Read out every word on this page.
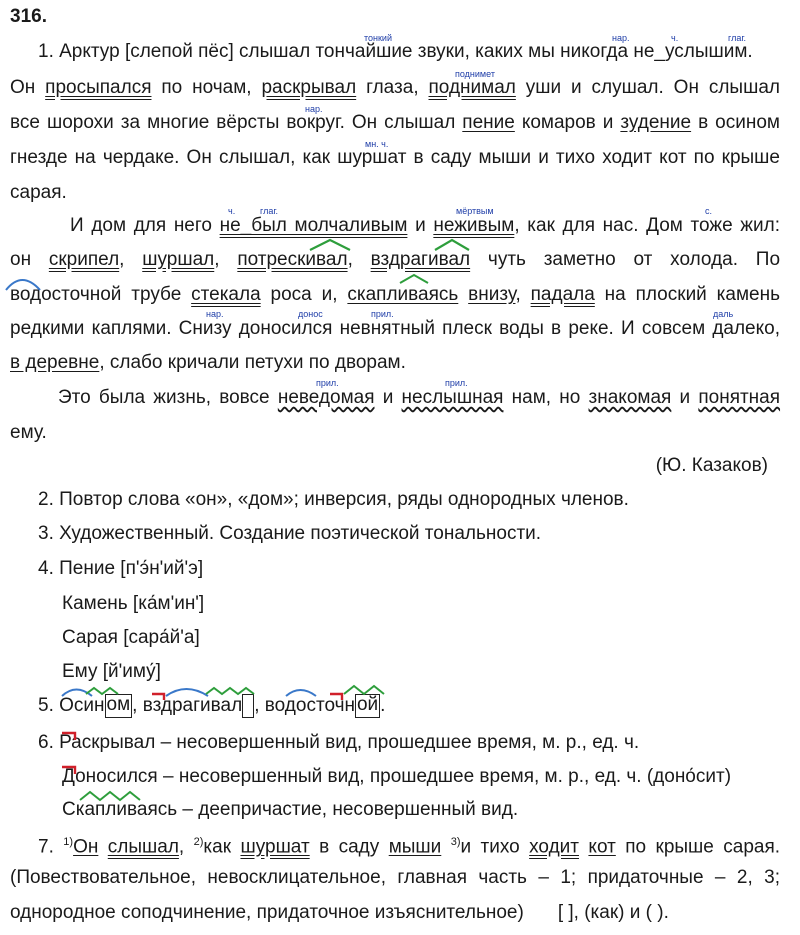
316.
тонкий	нар.	ч.	глаг.
поднимет
нар.
мн. ч.
ч.	глаг.	мёртвым	с.
нар.	донос	прил.	даль
прил.	прил.
1. Арктур [слепой пёс] слышал тончайшие звуки, каких мы никогда не_услышим.
Он просыпался по ночам, раскрывал глаза, поднимал уши и слушал. Он слышал
все шорохи за многие вёрсты вокруг. Он слышал пение комаров и зудение в осином
гнезде на чердаке. Он слышал, как шуршат в саду мыши и тихо ходит кот по крыше
сарая.
И дом для него не_был молчаливым и неживым, как для нас. Дом тоже жил:
он скрипел, шуршал, потрескивал, вздрагивал чуть заметно от холода. По
водосточной трубе стекала роса и, скапливаясь внизу, падала на плоский камень
редкими каплями. Снизу доносился невнятный плеск воды в реке. И совсем далеко,
в деревне, слабо кричали петухи по дворам.
Это была жизнь, вовсе неведомая и неслышная нам, но знакомая и понятная
ему.
(Ю. Казаков)
2. Повтор слова «он», «дом»; инверсия, ряды однородных членов.
3. Художественный. Создание поэтической тональности.
4. Пение [п'э́н'ий'э]
Камень [ка́м'ин']
Сарая [сара́й'а]
Ему [й'иму́]
5. Осин ом , вздрагивал , водосточн ой .
6. Раскрывал – несовершенный вид, прошедшее время, м. р., ед. ч.
Доносился – несовершенный вид, прошедшее время, м. р., ед. ч. (доно́сит)
Скапливаясь – деепричастие, несовершенный вид.
7. $^{1)}$Он слышал, $^{2)}$как шуршат в саду мыши $^{3)}$и тихо ходит кот по крыше сарая.
(Повествовательное, невосклицательное, главная часть – 1; придаточные – 2, 3;
однородное соподчинение, придаточное изъяснительное) [ ], (как) и ( ).
